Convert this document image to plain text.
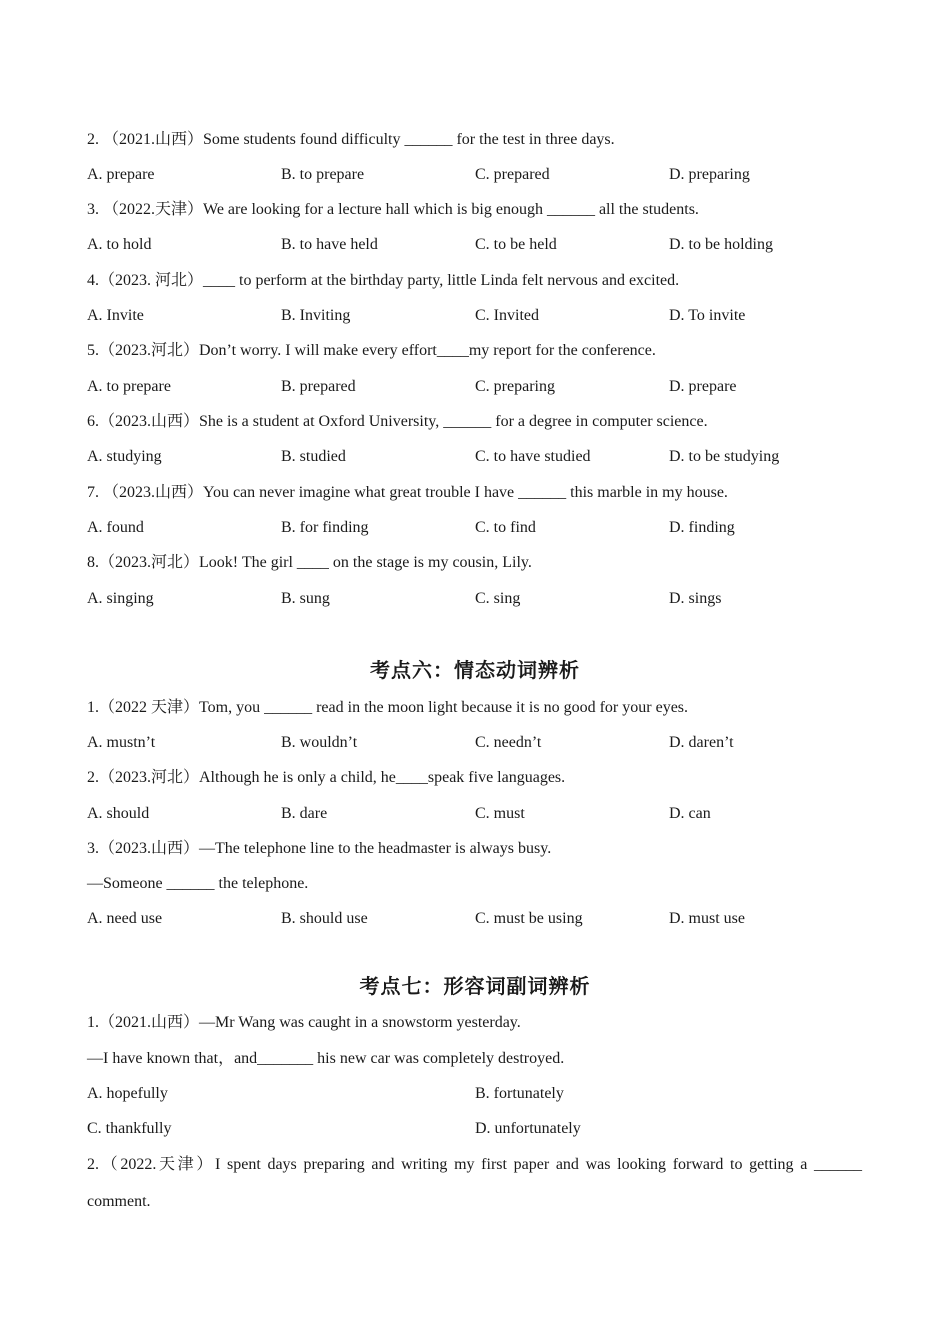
2. （2021.山西）Some students found difficulty ______ for the test in three days.
A. prepare	B. to prepare	C. prepared	D. preparing
3. （2022.天津）We are looking for a lecture hall which is big enough ______ all the students.
A. to hold	B. to have held	C. to be held	D. to be holding
4.（2023. 河北）____ to perform at the birthday party, little Linda felt nervous and excited.
A. Invite	B. Inviting	C. Invited	D. To invite
5.（2023.河北）Don’t worry. I will make every effort____my report for the conference.
A. to prepare	B. prepared	C. preparing	D. prepare
6.（2023.山西）She is a student at Oxford University, ______ for a degree in computer science.
A. studying	B. studied	C. to have studied	D. to be studying
7. （2023.山西）You can never imagine what great trouble I have ______ this marble in my house.
A. found	B. for finding	C. to find	D. finding
8.（2023.河北）Look! The girl ____ on the stage is my cousin, Lily.
A. singing	B. sung	C. sing	D. sings
考点六：情态动词辨析
1.（2022 天津）Tom, you ______ read in the moon light because it is no good for your eyes.
A. mustn’t	B. wouldn’t	C. needn’t	D. daren’t
2.（2023.河北）Although he is only a child, he____speak five languages.
A. should	B. dare	C. must	D. can
3.（2023.山西）—The telephone line to the headmaster is always busy.
—Someone ______ the telephone.
A. need use	B. should use	C. must be using	D. must use
考点七：形容词副词辨析
1.（2021.山西）—Mr Wang was caught in a snowstorm yesterday.
—I have known that，and_______ his new car was completely destroyed.
A. hopefully	B. fortunately
C. thankfully	D. unfortunately
2.（2022.天津）I spent days preparing and writing my first paper and was looking forward to getting a ______
comment.
